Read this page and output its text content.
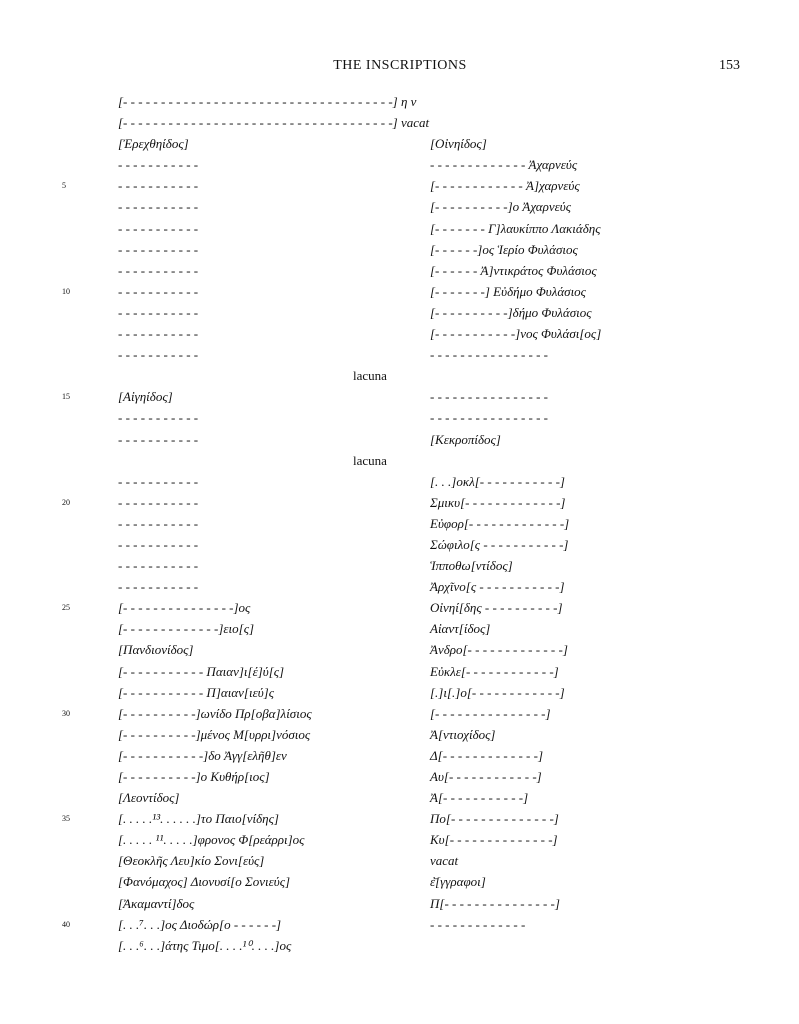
THE INSCRIPTIONS	153
[- - - - - - - - - - - - - - - - - - - - - - - - - - - - - - - - - - - -] η ν
[- - - - - - - - - - - - - - - - - - - - - - - - - - - - - - - - - - - -] vacat
[Ἐρεχθηίδος]	[Οἰνηίδος]
- - - - - - - - - - -	- - - - - - - - - - - - - Ἀχαρνεύς
5	- - - - - - - - - - -	[- - - - - - - - - - - - Ἀ]χαρνεύς
- - - - - - - - - - -	[- - - - - - - - - -]ο Ἀχαρνεύς
- - - - - - - - - - -	[- - - - - - - Γ]λαυκίππο Λακιάδης
- - - - - - - - - - -	[- - - - - -]ος Ἱερίο Φυλάσιος
- - - - - - - - - - -	[- - - - - - Ἀ]ντικράτος Φυλάσιος
10	- - - - - - - - - - -	[- - - - - - -] Εὐδήμο Φυλάσιος
- - - - - - - - - - -	[- - - - - - - - - -]δήμο Φυλάσιος
- - - - - - - - - - -	[- - - - - - - - - - -]νος Φυλάσι[ος]
- - - - - - - - - - -	- - - - - - - - - - - - - - - -
lacuna
15	[Αἰγηίδος]	- - - - - - - - - - - - - - - -
- - - - - - - - - - -	- - - - - - - - - - - - - - - -
- - - - - - - - - - -	[Κεκροπίδος]
lacuna
- - - - - - - - - - -	[. . .]οκλ[- - - - - - - - - - -]
20	- - - - - - - - - - -	Σμικυ[- - - - - - - - - - - - -]
- - - - - - - - - - -	Εὐφορ[- - - - - - - - - - - - -]
- - - - - - - - - - -	Σώφιλο[ς - - - - - - - - - - -]
- - - - - - - - - - -	Ἱπποθω[ντίδος]
- - - - - - - - - - -	Ἀρχῖνο[ς - - - - - - - - - - -]
25	[- - - - - - - - - - - - - - -]ος	Οἰνηί[δης - - - - - - - - - -]
[- - - - - - - - - - - - -]ειο[ς]	Αἰαντ[ίδος]
[Πανδιονίδος]	Ἀνδρο[- - - - - - - - - - - - -]
[- - - - - - - - - - - Παιαν]ι[έ]ύ[ς]	Εὐκλε[- - - - - - - - - - - -]
[- - - - - - - - - - - Π]αιαν[ιεύ]ς	[.]ι[.]ο[- - - - - - - - - - - -]
30	[- - - - - - - - - -]ωνίδο Πρ[οβα]λίσιος	[- - - - - - - - - - - - - - -]
[- - - - - - - - - -]μένος Μ[υρρι]νόσιος	Ἀ[ντιοχίδος]
[- - - - - - - - - - -]δο Ἀγγ[ελῆθ]εν	Δ[- - - - - - - - - - - - -]
[- - - - - - - - - -]ο Κυθήρ[ιος]	Αυ[- - - - - - - - - - - -]
[Λεοντίδος]	Ἀ[- - - - - - - - - - -]
35	[. . . . .¹³. . . . . .]το Παιο[νίδης]	Πο[- - - - - - - - - - - - - -]
[. . . . . ¹¹. . . . .]φρονος Φ[ρεάρρι]ος	Κυ[- - - - - - - - - - - - - -]
[Θεοκλῆς Λευ]κίο Σονι[εύς]	vacat
[Φανόμαχος] Διονυσί[ο Σονιεύς]	ἐ̄[γγραφοι]
[Ἀκαμαντί]δος	Π[- - - - - - - - - - - - - - -]
40	[. . .⁷. . .]ος Διοδώρ[ο - - - - - -]	- - - - - - - - - - - - -
[. . .⁶. . .]άτης Τιμο[. . . .¹⁰. . . .]ος
